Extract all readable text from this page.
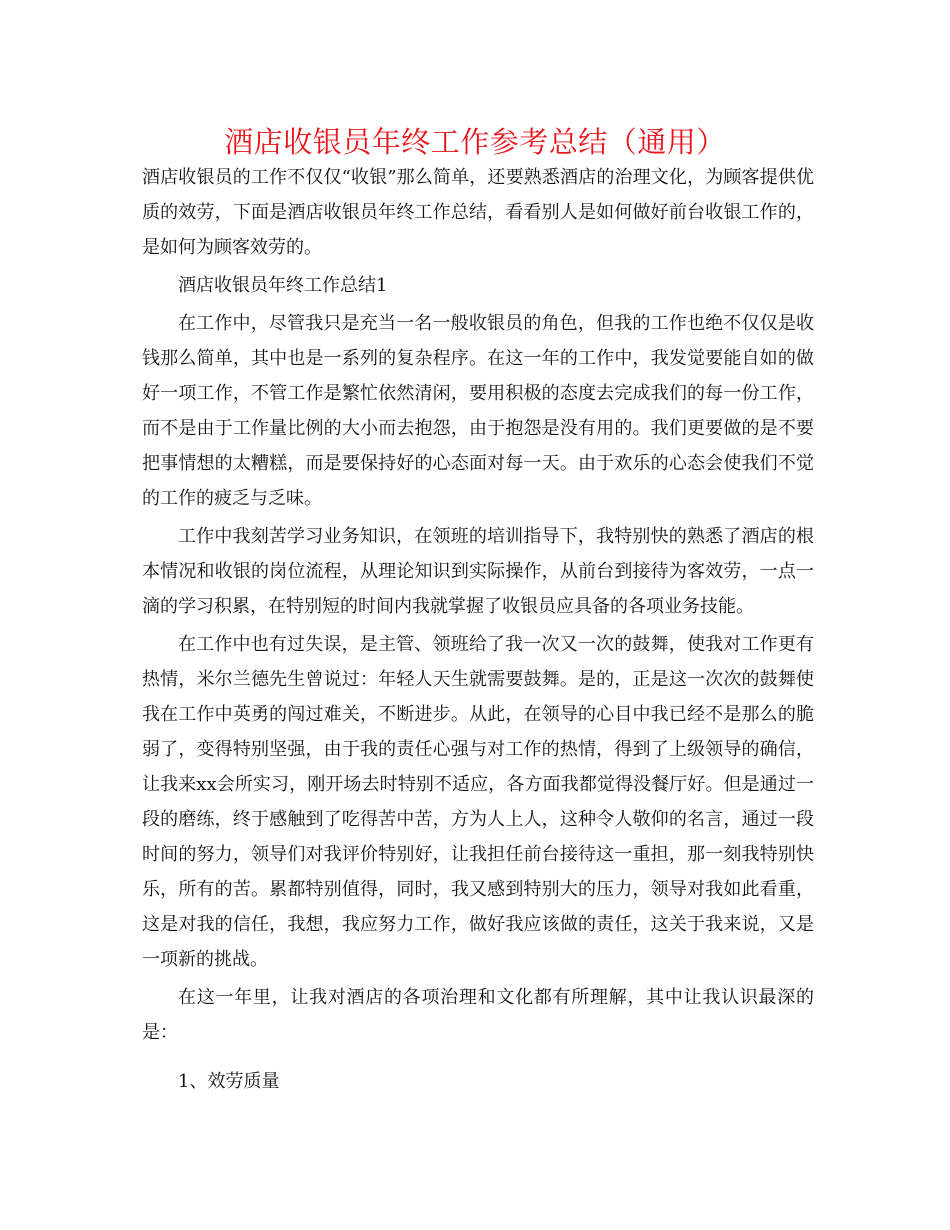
酒店收银员年终工作参考总结（通用）

酒店收银员的工作不仅仅“收银”那么简单，还要熟悉酒店的治理文化，为顾客提供优质的效劳，下面是酒店收银员年终工作总结，看看别人是如何做好前台收银工作的，是如何为顾客效劳的。

酒店收银员年终工作总结1

在工作中，尽管我只是充当一名一般收银员的角色，但我的工作也绝不仅仅是收钱那么简单，其中也是一系列的复杂程序。在这一年的工作中，我发觉要能自如的做好一项工作，不管工作是繁忙依然清闲，要用积极的态度去完成我们的每一份工作，而不是由于工作量比例的大小而去抱怨，由于抱怨是没有用的。我们更要做的是不要把事情想的太糟糕，而是要保持好的心态面对每一天。由于欢乐的心态会使我们不觉的工作的疲乏与乏味。

工作中我刻苦学习业务知识，在领班的培训指导下，我特别快的熟悉了酒店的根本情况和收银的岗位流程，从理论知识到实际操作，从前台到接待为客效劳，一点一滴的学习积累，在特别短的时间内我就掌握了收银员应具备的各项业务技能。

在工作中也有过失误，是主管、领班给了我一次又一次的鼓舞，使我对工作更有热情，米尔兰德先生曾说过：年轻人天生就需要鼓舞。是的，正是这一次次的鼓舞使我在工作中英勇的闯过难关，不断进步。从此，在领导的心目中我已经不是那么的脆弱了，变得特别坚强，由于我的责任心强与对工作的热情，得到了上级领导的确信，让我来xx会所实习，刚开场去时特别不适应，各方面我都觉得没餐厅好。但是通过一段的磨练，终于感触到了吃得苦中苦，方为人上人，这种令人敬仰的名言，通过一段时间的努力，领导们对我评价特别好，让我担任前台接待这一重担，那一刻我特别快乐，所有的苦。累都特别值得，同时，我又感到特别大的压力，领导对我如此看重，这是对我的信任，我想，我应努力工作，做好我应该做的责任，这关于我来说，又是一项新的挑战。

在这一年里，让我对酒店的各项治理和文化都有所理解，其中让我认识最深的是：

1、效劳质量
